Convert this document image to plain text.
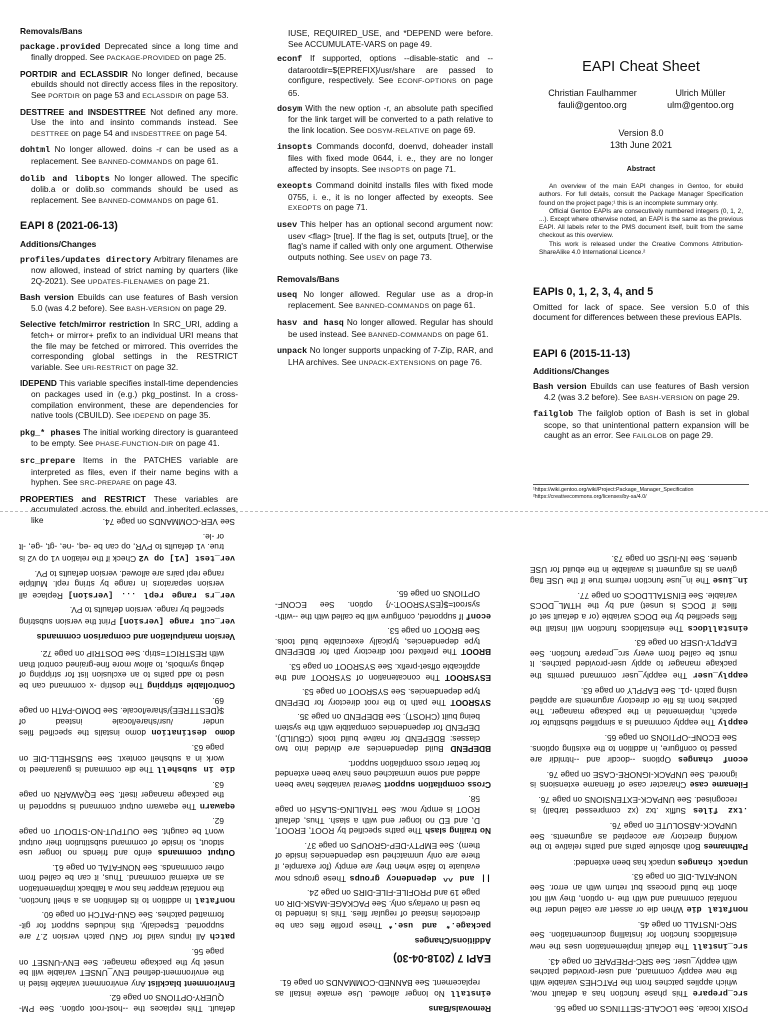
Removals/Bans

package.provided Deprecated since a long time and finally dropped. See PACKAGE-PROVIDED on page 25.

PORTDIR and ECLASSDIR No longer defined, because ebuilds should not directly access files in the repository. See PORTDIR on page 53 and ECLASSDIR on page 53.

DESTTREE and INSDESTTREE Not defined any more. Use the into and insinto commands instead. See DESTTREE on page 54 and INSDESTTREE on page 54.

dohtml No longer allowed. doins -r can be used as a replacement. See BANNED-COMMANDS on page 61.

dolib and libopts No longer allowed. The specific dolib.a or dolib.so commands should be used as replacement. See BANNED-COMMANDS on page 61.

EAPI 8 (2021-06-13)
Additions/Changes

profiles/updates directory Arbitrary filenames are now allowed, instead of strict naming by quarters (like 2Q-2021). See UPDATES-FILENAMES on page 21.

Bash version Ebuilds can use features of Bash version 5.0 (was 4.2 before). See BASH-VERSION on page 29.

Selective fetch/mirror restriction In SRC_URI, adding a fetch+ or mirror+ prefix to an individual URI means that the file may be fetched or mirrored. This overrides the corresponding global settings in the RESTRICT variable. See URI-RESTRICT on page 32.

IDEPEND This variable specifies install-time dependencies on packages used in (e.g.) pkg_postinst. In a cross-compilation environment, these are dependencies for native tools (CBUILD). See IDEPEND on page 35.

pkg_* phases The initial working directory is guaranteed to be empty. See PHASE-FUNCTION-DIR on page 41.

src_prepare Items in the PATCHES variable are interpreted as files, even if their name begins with a hyphen. See SRC-PREPARE on page 43.

PROPERTIES and RESTRICT These variables are accumulated across the ebuild and inherited eclasses, like

IUSE, REQUIRED_USE, and *DEPEND were before. See ACCUMULATE-VARS on page 49.

econf If supported, options --disable-static and --datarootdir=${EPREFIX}/usr/share are passed to configure, respectively. See ECONF-OPTIONS on page 65.

dosym With the new option -r, an absolute path specified for the link target will be converted to a path relative to the link location. See DOSYM-RELATIVE on page 69.

insopts Commands doconfd, doenvd, doheader install files with fixed mode 0644, i. e., they are no longer affected by insopts. See INSOPTS on page 71.

exeopts Command doinitd installs files with fixed mode 0755, i. e., it is no longer affected by exeopts. See EXEOPTS on page 71.

usev This helper has an optional second argument now: usev <flag> [true]. If the flag is set, outputs [true], or the flag's name if called with only one argument. Otherwise outputs nothing. See USEV on page 73.

Removals/Bans

useq No longer allowed. Regular use as a drop-in replacement. See BANNED-COMMANDS on page 61.

hasv and hasq No longer allowed. Regular has should be used instead. See BANNED-COMMANDS on page 61.

unpack No longer supports unpacking of 7-Zip, RAR, and LHA archives. See UNPACK-EXTENSIONS on page 76.

EAPI Cheat Sheet
Christian Faulhammer
fauli@gentoo.org
Ulrich Müller
ulm@gentoo.org
Version 8.0
13th June 2021
Abstract

An overview of the main EAPI changes in Gentoo, for ebuild authors. For full details, consult the Package Manager Specification found on the project page;¹ this is an incomplete summary only.

Official Gentoo EAPIs are consecutively numbered integers (0, 1, 2, ...). Except where otherwise noted, an EAPI is the same as the previous EAPI. All labels refer to the PMS document itself, built from the same checkout as this overview.

This work is released under the Creative Commons Attribution-ShareAlike 4.0 International Licence.²

EAPIs 0, 1, 2, 3, 4, and 5

Omitted for lack of space. See version 5.0 of this document for differences between these previous EAPIs.

EAPI 6 (2015-11-13)
Additions/Changes

Bash version Ebuilds can use features of Bash version 4.2 (was 3.2 before). See BASH-VERSION on page 29.

failglob The failglob option of Bash is set in global scope, so that unintentional pattern expansion will be caught as an error. See FAILGLOB on page 29.

¹https://wiki.gentoo.org/wiki/Project:Package_Manager_Specification
²https://creativecommons.org/licenses/by-sa/4.0/

POSIX locale. See LOCALE-SETTINGS on page 56.

src_prepare This phase function has a default now, which applies patches from the PATCHES variable with the new eapply command, and user-provided patches with eapply_user. See SRC-PREPARE on page 43.

src_install The default implementation uses the new einstalldocs function for installing documentation. See SRC-INSTALL on page 45.

nonfatal die When die or assert are called under the nonfatal command and with the -n option, they will not abort the build process but return with an error. See NONFATAL-DIE on page 63.

unpack changes unpack has been extended:

Pathnames Both absolute paths and paths relative to the working directory are accepted as arguments. See UNPACK-ABSOLUTE on page 76.

.txz files Suffix .txz (xz compressed tarball) is recognised. See UNPACK-EXTENSIONS on page 76.

Filename case Character case of filename extensions is ignored. See UNPACK-IGNORE-CASE on page 76.

econf changes Options --docdir and --htmldir are passed to configure, in addition to the existing options. See ECONF-OPTIONS on page 65.

eapply The eapply command is a simplified substitute for epatch, implemented in the package manager. The patches from its file or directory arguments are applied using patch -p1. See EAPPLY on page 63.

eapply_user The eapply_user command permits the package manager to apply user-provided patches. It must be called from every src_prepare function. See EAPPLY-USER on page 63.

einstalldocs The einstalldocs function will install the files specified by the DOCS variable (or a default set of files if DOCS is unset) and by the HTML_DOCS variable. See EINSTALLDOCS on page 77.

in_iuse The in_iuse function returns true if the USE flag given as its argument is available in the ebuild for USE queries. See IN-IUSE on page 73.

Removals/Bans

einstall No longer allowed. Use emake install as replacement. See BANNED-COMMANDS on page 61.

EAPI 7 (2018-04-30)
Additions/Changes

package.* and use.* These profile files can be directories instead of regular files. This is intended to be used in overlays only. See PACKAGE-MASK-DIR on page 19 and PROFILE-FILE-DIRS on page 24.

|| and ^^ dependency groups These groups now evaluate to false when they are empty (for example, if there are only unmatched use dependencies inside of them). See EMPTY-DEP-GROUPS on page 37.

No trailing slash The paths specified by ROOT, EROOT, D, and ED no longer end with a slash. Thus, default ROOT is empty now. See TRAILING-SLASH on page 58.

Cross compilation support Several variables have been added and some unmatched ones have been extended for better cross compilation support.

BDEPEND Build dependencies are divided into two classes: BDEPEND for native build tools (CBUILD), DEPEND for dependencies compatible with the system being built (CHOST). See BDEPEND on page 35.

SYSROOT The path to the root directory for DEPEND type dependencies. See SYSROOT on page 53.

ESYSROOT The concatenation of SYSROOT and the applicable offset-prefix. See SYSROOT on page 53.

BROOT The prefixed root directory path for BDEPEND type dependencies, typically executable build tools. See BROOT on page 53.

econf If supported, configure will be called with the --with-sysroot=${ESYSROOT:-/} option. See ECONF-OPTIONS on page 65.

default. This replaces the --host-root option. See PM-QUERY-OPTIONS on page 62.

Environment blacklist Any environment variable listed in the environment-defined ENV_UNSET variable will be unset by the package manager. See ENV-UNSET on page 56.

patch All inputs valid for GNU patch version 2.7 are supported. Especially, this includes support for git-formatted patches. See GNU-PATCH on page 60.

nonfatal In addition to its definition as a shell function, the nonfatal wrapper has now a fallback implementation as an external command. Thus, it can be called from other commands. See NONFATAL on page 61.

Output commands einfo and friends no longer use stdout, so inside of command substitution their output won't be caught. See OUTPUT-NO-STDOUT on page 62.

eqawarn The eqawarn output command is supported in the package manager itself. See EQAWARN on page 63.

die in subshell The die command is guaranteed to work in a subshell context. See SUBSHELL-DIE on page 63.

domo destination domo installs the specified files under /usr/share/locale instead of ${DESTTREE}/share/locale. See DOMO-PATH on page 69.

Controllable stripping The dostrip -x command can be used to add paths to an exclusion list for stripping of debug symbols, to allow more fine-grained control than with RESTRICT=strip. See DOSTRIP on page 72.

Version manipulation and comparison commands

ver_cut range [version] Print the version substring specified by range. version defaults to PV.

ver_rs range repl ... [version] Replace all version separators in range by string repl. Multiple range repl pairs are allowed. version defaults to PV.

ver_test [v1] op v2 Check if the relation v1 op v2 is true. v1 defaults to PVR, op can be -eq, -ne, -gt, -ge, -lt or -le.

See VER-COMMANDS on page 74.
